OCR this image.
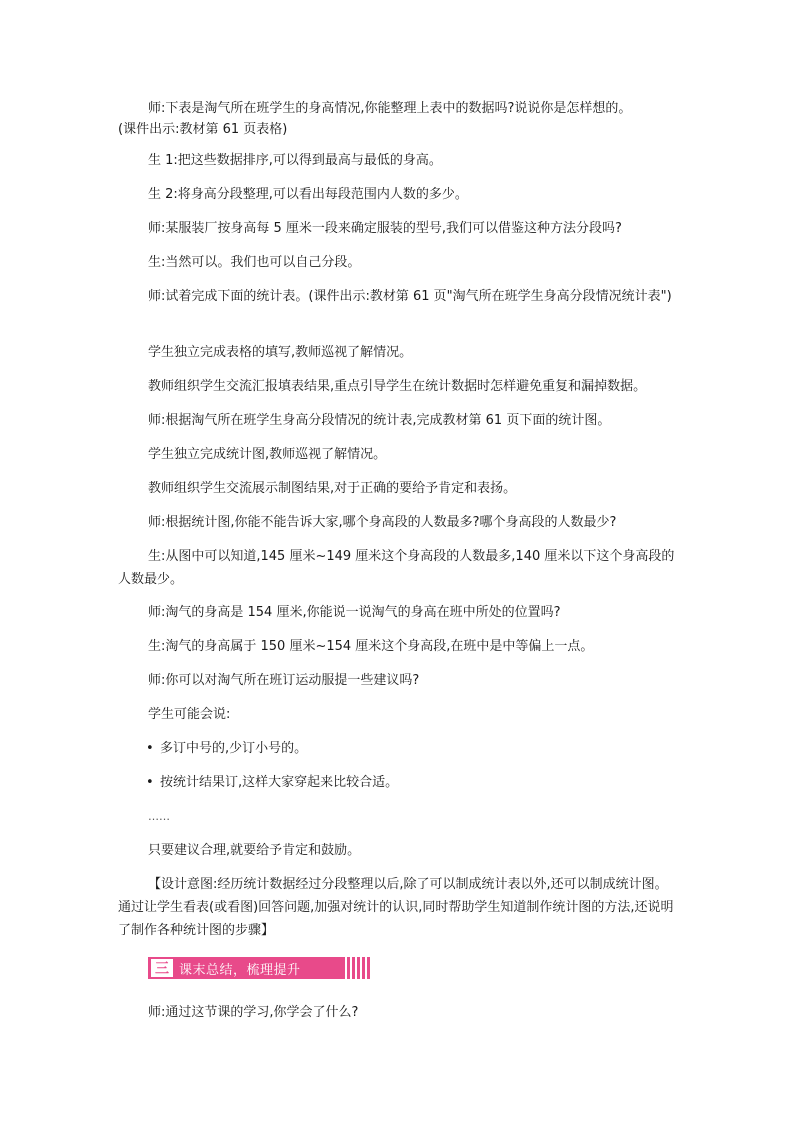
师:下表是淘气所在班学生的身高情况,你能整理上表中的数据吗?说说你是怎样想的。

(课件出示:教材第 61 页表格)

生 1:把这些数据排序,可以得到最高与最低的身高。

生 2:将身高分段整理,可以看出每段范围内人数的多少。

师:某服装厂按身高每 5 厘米一段来确定服装的型号,我们可以借鉴这种方法分段吗?

生:当然可以。我们也可以自己分段。

师:试着完成下面的统计表。(课件出示:教材第 61 页"淘气所在班学生身高分段情况统计表")

学生独立完成表格的填写,教师巡视了解情况。

教师组织学生交流汇报填表结果,重点引导学生在统计数据时怎样避免重复和漏掉数据。

师:根据淘气所在班学生身高分段情况的统计表,完成教材第 61 页下面的统计图。

学生独立完成统计图,教师巡视了解情况。

教师组织学生交流展示制图结果,对于正确的要给予肯定和表扬。

师:根据统计图,你能不能告诉大家,哪个身高段的人数最多?哪个身高段的人数最少?

生:从图中可以知道,145 厘米~149 厘米这个身高段的人数最多,140 厘米以下这个身高段的人数最少。

师:淘气的身高是 154 厘米,你能说一说淘气的身高在班中所处的位置吗?

生:淘气的身高属于 150 厘米~154 厘米这个身高段,在班中是中等偏上一点。

师:你可以对淘气所在班订运动服提一些建议吗?

学生可能会说:

• 多订中号的,少订小号的。
• 按统计结果订,这样大家穿起来比较合适。

……

只要建议合理,就要给予肯定和鼓励。

【设计意图:经历统计数据经过分段整理以后,除了可以制成统计表以外,还可以制成统计图。通过让学生看表(或看图)回答问题,加强对统计的认识,同时帮助学生知道制作统计图的方法,还说明了制作各种统计图的步骤】

三 课末总结，梳理提升

师:通过这节课的学习,你学会了什么?
